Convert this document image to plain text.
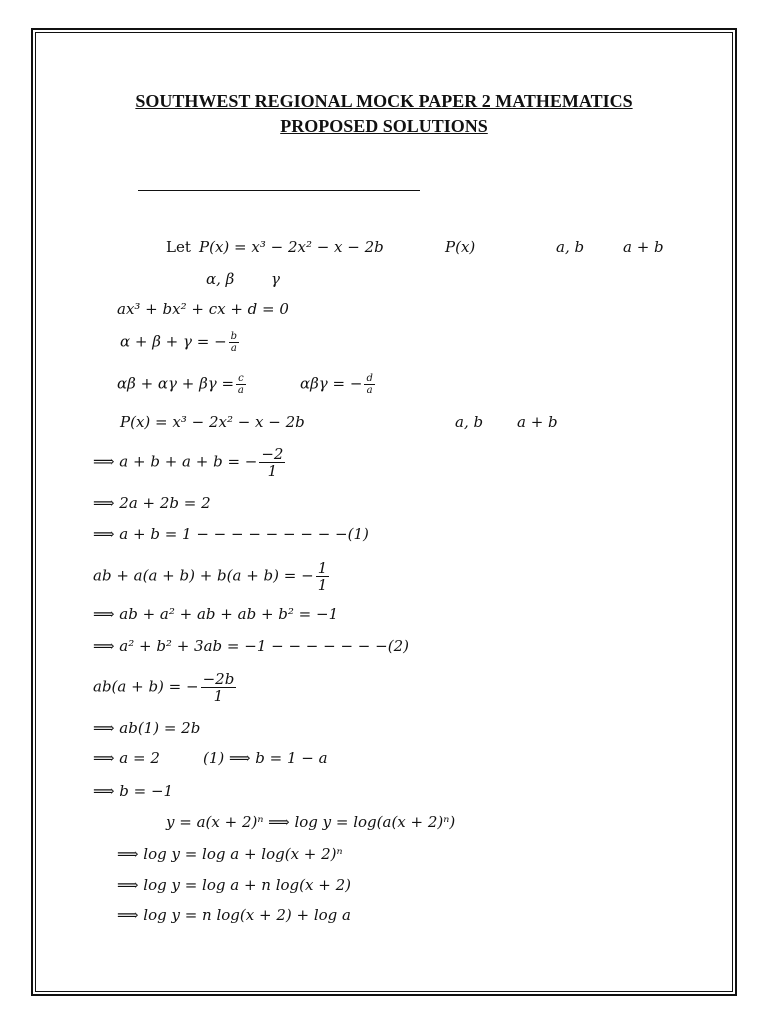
SOUTHWEST REGIONAL MOCK PAPER 2 MATHEMATICS
PROPOSED SOLUTIONS
Let P(x) = x³ − 2x² − x − 2b	P(x)	a, b	a + b
α, β γ
ax³ + bx² + cx + d = 0
α + β + γ = − $\frac{b}{a}$
$\alpha\beta + \alpha\gamma + \beta\gamma = \frac{c}{a}$	αβγ = − $\frac{d}{a}$
P(x) = x³ − 2x² − x − 2b	a, b a + b
⟹ a + b + a + b = − $\frac{-2}{1}$
⟹ 2a + 2b = 2
⟹ a + b = 1 − − − − − − − − −(1)
ab + a(a + b) + b(a + b) = − $\frac{1}{1}$
⟹ ab + a² + ab + ab + b² = −1
⟹ a² + b² + 3ab = −1 − − − − − − −(2)
ab(a + b) = − $\frac{-2b}{1}$
⟹ ab(1) = 2b
⟹ a = 2	(1) ⟹ b = 1 − a
⟹ b = −1
y = a(x + 2)ⁿ ⟹ log y = log(a(x + 2)ⁿ)
⟹ log y = log a + log(x + 2)ⁿ
⟹ log y = log a + n log(x + 2)
⟹ log y = n log(x + 2) + log a
